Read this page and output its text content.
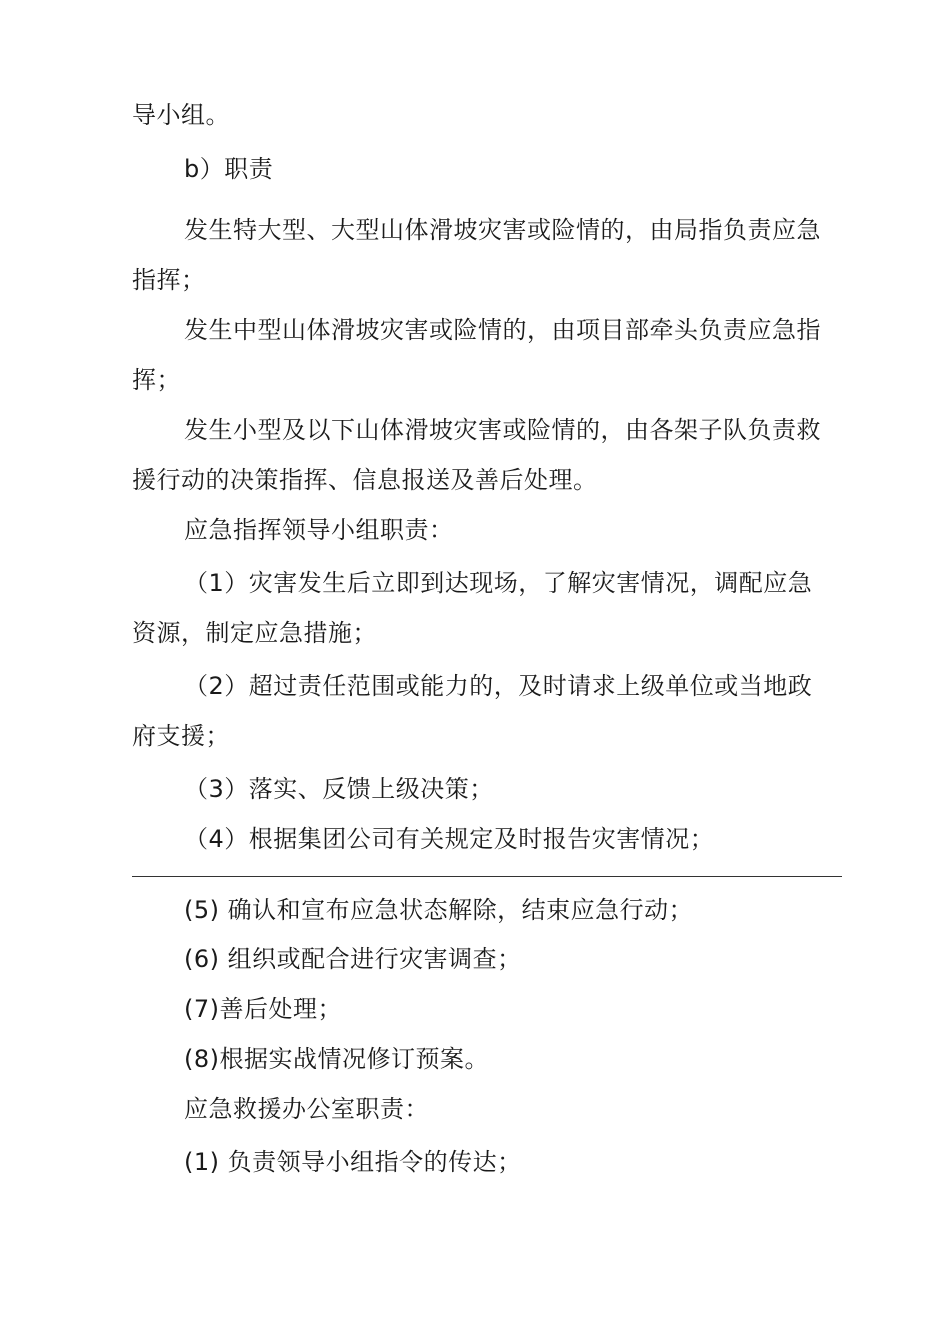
导小组。
b）职责
发生特大型、大型山体滑坡灾害或险情的，由局指负责应急
指挥；
发生中型山体滑坡灾害或险情的，由项目部牵头负责应急指
挥；
发生小型及以下山体滑坡灾害或险情的，由各架子队负责救
援行动的决策指挥、信息报送及善后处理。
应急指挥领导小组职责：
（1）灾害发生后立即到达现场，了解灾害情况，调配应急
资源，制定应急措施；
（2）超过责任范围或能力的，及时请求上级单位或当地政
府支援；
（3）落实、反馈上级决策；
（4）根据集团公司有关规定及时报告灾害情况；
(5) 确认和宣布应急状态解除，结束应急行动；
(6) 组织或配合进行灾害调查；
(7)善后处理；
(8)根据实战情况修订预案。
应急救援办公室职责：
(1) 负责领导小组指令的传达；
